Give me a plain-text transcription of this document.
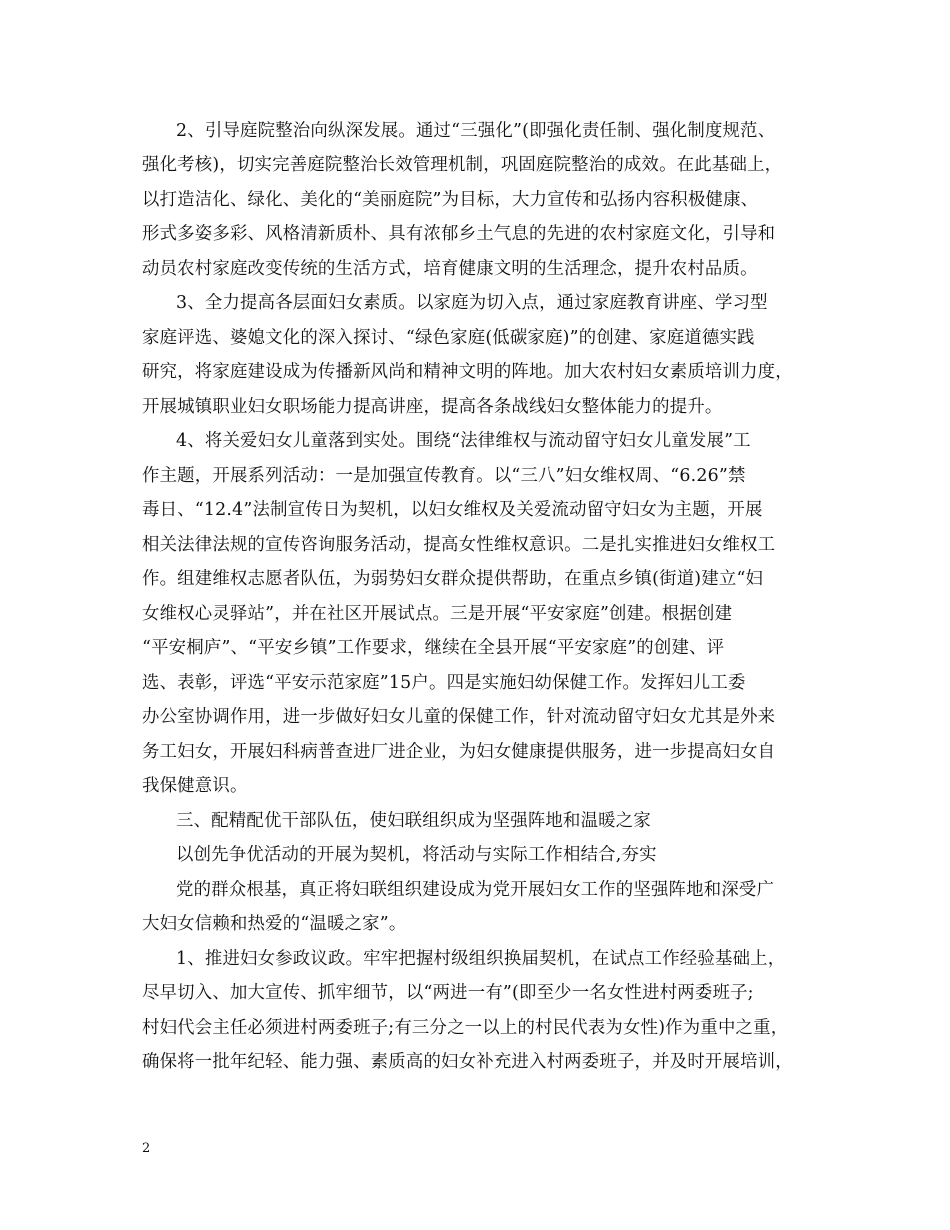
2、引导庭院整治向纵深发展。通过“三强化”(即强化责任制、强化制度规范、
强化考核)，切实完善庭院整治长效管理机制，巩固庭院整治的成效。在此基础上，
以打造洁化、绿化、美化的“美丽庭院”为目标，大力宣传和弘扬内容积极健康、
形式多姿多彩、风格清新质朴、具有浓郁乡土气息的先进的农村家庭文化，引导和
动员农村家庭改变传统的生活方式，培育健康文明的生活理念，提升农村品质。
3、全力提高各层面妇女素质。以家庭为切入点，通过家庭教育讲座、学习型
家庭评选、婆媳文化的深入探讨、“绿色家庭(低碳家庭)”的创建、家庭道德实践
研究，将家庭建设成为传播新风尚和精神文明的阵地。加大农村妇女素质培训力度，
开展城镇职业妇女职场能力提高讲座，提高各条战线妇女整体能力的提升。
4、将关爱妇女儿童落到实处。围绕“法律维权与流动留守妇女儿童发展”工
作主题，开展系列活动：一是加强宣传教育。以“三八”妇女维权周、“6.26”禁
毒日、“12.4”法制宣传日为契机，以妇女维权及关爱流动留守妇女为主题，开展
相关法律法规的宣传咨询服务活动，提高女性维权意识。二是扎实推进妇女维权工
作。组建维权志愿者队伍，为弱势妇女群众提供帮助，在重点乡镇(街道)建立“妇
女维权心灵驿站”，并在社区开展试点。三是开展“平安家庭”创建。根据创建
“平安桐庐”、“平安乡镇”工作要求，继续在全县开展“平安家庭”的创建、评
选、表彰，评选“平安示范家庭”15户。四是实施妇幼保健工作。发挥妇儿工委
办公室协调作用，进一步做好妇女儿童的保健工作，针对流动留守妇女尤其是外来
务工妇女，开展妇科病普查进厂进企业，为妇女健康提供服务，进一步提高妇女自
我保健意识。
三、配精配优干部队伍，使妇联组织成为坚强阵地和温暖之家
以创先争优活动的开展为契机，将活动与实际工作相结合,夯实
党的群众根基，真正将妇联组织建设成为党开展妇女工作的坚强阵地和深受广
大妇女信赖和热爱的“温暖之家”。
1、推进妇女参政议政。牢牢把握村级组织换届契机，在试点工作经验基础上，
尽早切入、加大宣传、抓牢细节，以“两进一有”(即至少一名女性进村两委班子;
村妇代会主任必须进村两委班子;有三分之一以上的村民代表为女性)作为重中之重，
确保将一批年纪轻、能力强、素质高的妇女补充进入村两委班子，并及时开展培训，
2
